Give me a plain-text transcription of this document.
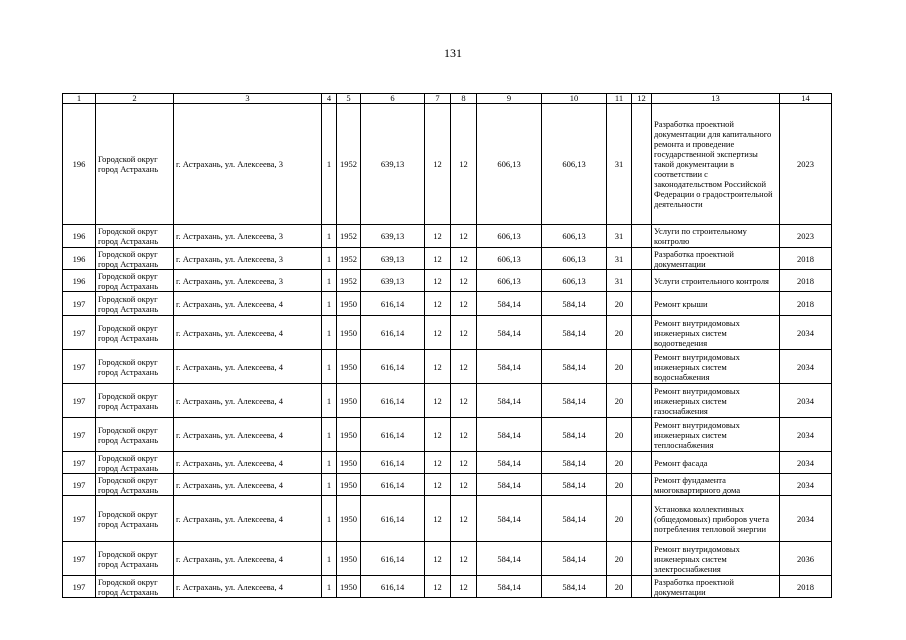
131
1	2	3	4	5	6	7	8	9	10	11	12	13	14
196	Городской округ город Астрахань	г. Астрахань, ул. Алексеева, 3	1	1952	639,13	12	12	606,13	606,13	31		Разработка проектной документации для капитального ремонта и проведение государственной экспертизы такой документации в соответствии с законодательством Российской Федерации о градостроительной деятельности	2023
196	Городской округ город Астрахань	г. Астрахань, ул. Алексеева, 3	1	1952	639,13	12	12	606,13	606,13	31		Услуги по строительному контролю	2023
196	Городской округ город Астрахань	г. Астрахань, ул. Алексеева, 3	1	1952	639,13	12	12	606,13	606,13	31		Разработка проектной документации	2018
196	Городской округ город Астрахань	г. Астрахань, ул. Алексеева, 3	1	1952	639,13	12	12	606,13	606,13	31		Услуги строительного контроля	2018
197	Городской округ город Астрахань	г. Астрахань, ул. Алексеева, 4	1	1950	616,14	12	12	584,14	584,14	20		Ремонт крыши	2018
197	Городской округ город Астрахань	г. Астрахань, ул. Алексеева, 4	1	1950	616,14	12	12	584,14	584,14	20		Ремонт внутридомовых инженерных систем водоотведения	2034
197	Городской округ город Астрахань	г. Астрахань, ул. Алексеева, 4	1	1950	616,14	12	12	584,14	584,14	20		Ремонт внутридомовых инженерных систем водоснабжения	2034
197	Городской округ город Астрахань	г. Астрахань, ул. Алексеева, 4	1	1950	616,14	12	12	584,14	584,14	20		Ремонт внутридомовых инженерных систем газоснабжения	2034
197	Городской округ город Астрахань	г. Астрахань, ул. Алексеева, 4	1	1950	616,14	12	12	584,14	584,14	20		Ремонт внутридомовых инженерных систем теплоснабжения	2034
197	Городской округ город Астрахань	г. Астрахань, ул. Алексеева, 4	1	1950	616,14	12	12	584,14	584,14	20		Ремонт фасада	2034
197	Городской округ город Астрахань	г. Астрахань, ул. Алексеева, 4	1	1950	616,14	12	12	584,14	584,14	20		Ремонт фундамента многоквартирного дома	2034
197	Городской округ город Астрахань	г. Астрахань, ул. Алексеева, 4	1	1950	616,14	12	12	584,14	584,14	20		Установка коллективных (общедомовых) приборов учета потребления тепловой энергии	2034
197	Городской округ город Астрахань	г. Астрахань, ул. Алексеева, 4	1	1950	616,14	12	12	584,14	584,14	20		Ремонт внутридомовых инженерных систем электроснабжения	2036
197	Городской округ город Астрахань	г. Астрахань, ул. Алексеева, 4	1	1950	616,14	12	12	584,14	584,14	20		Разработка проектной документации	2018
